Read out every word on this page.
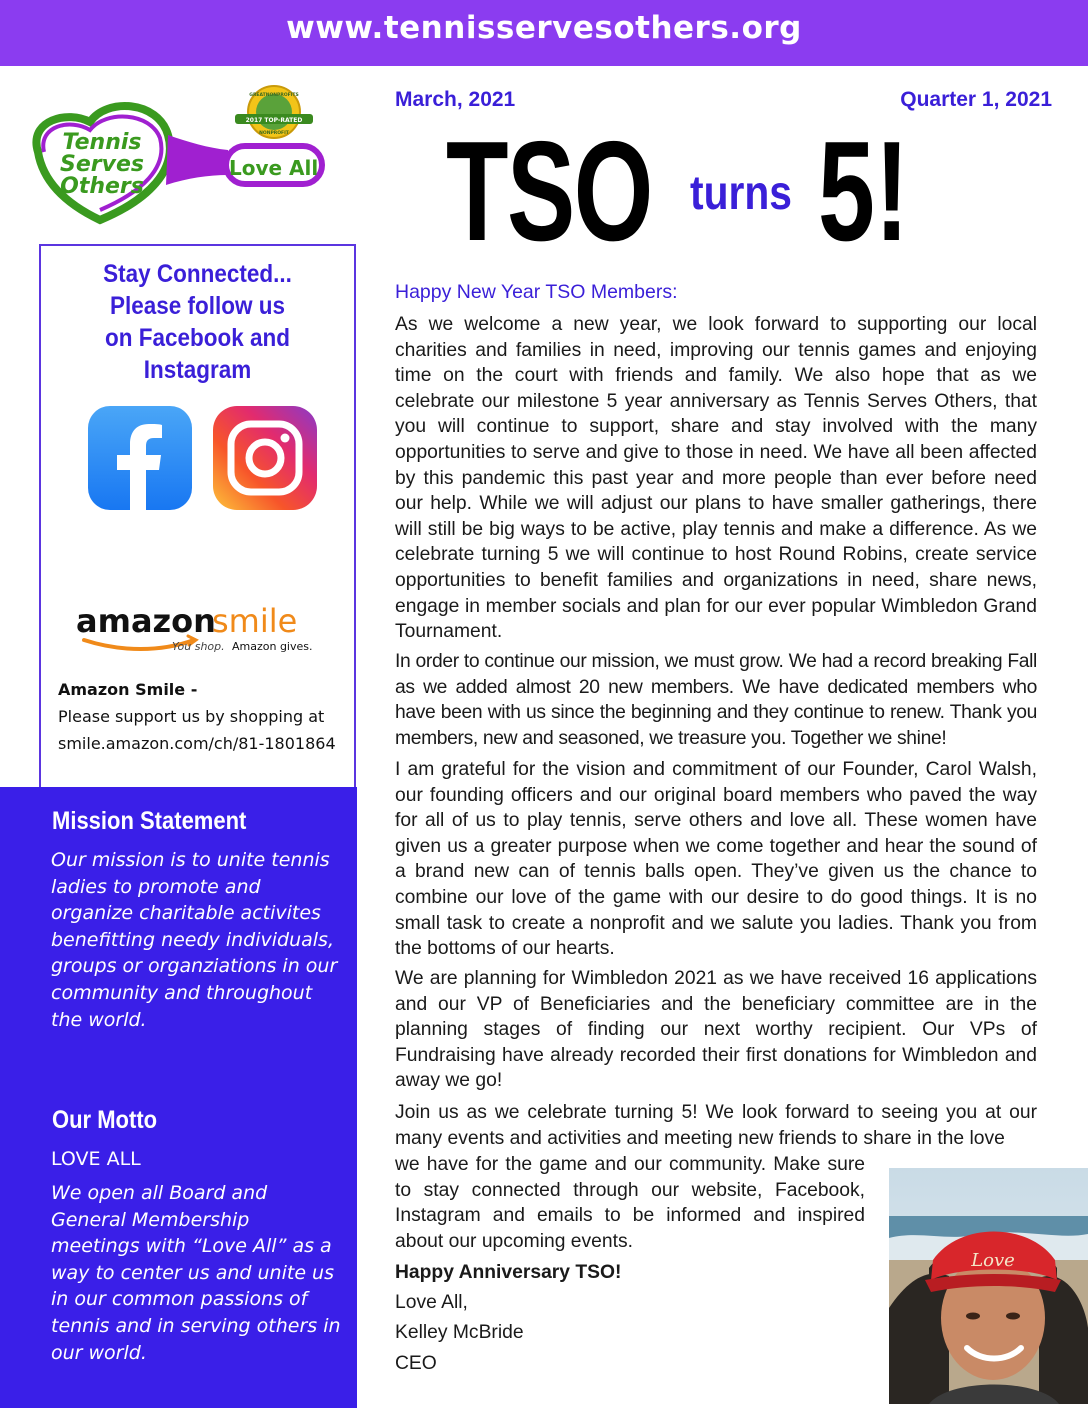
www.tennisservesothers.org
Tennis
Serves
Others
Love All
2017 TOP-RATED
GREATNONPROFITS
NONPROFIT
Stay Connected...
Please follow us
on Facebook and
Instagram
amazon
smile
You shop. Amazon gives.
Amazon Smile -
Please support us by shopping at
smile.amazon.com/ch/81-1801864
Mission Statement
Our mission is to unite tennis ladies to promote and organize charitable activites benefitting needy individuals, groups or organziations in our community and throughout the world.
Our Motto
LOVE ALL
We open all Board and General Membership meetings with “Love All” as a way to center us and unite us in our common passions of tennis and in serving others in our world.
March, 2021	Quarter 1, 2021
TSO turns 5!
Happy New Year TSO Members:

As we welcome a new year, we look forward to supporting our local charities and families in need, improving our tennis games and enjoying time on the court with friends and family. We also hope that as we celebrate our milestone 5 year anniversary as Tennis Serves Others, that you will continue to support, share and stay involved with the many opportunities to serve and give to those in need. We have all been affected by this pandemic this past year and more people than ever before need our help. While we will adjust our plans to have smaller gatherings, there will still be big ways to be active, play tennis and make a difference. As we celebrate turning 5 we will continue to host Round Robins, create service opportunities to benefit families and organizations in need, share news, engage in member socials and plan for our ever popular Wimbledon Grand Tournament.

In order to continue our mission, we must grow. We had a record breaking Fall as we added almost 20 new members. We have dedicated members who have been with us since the beginning and they continue to renew. Thank you members, new and seasoned, we treasure you. Together we shine!

I am grateful for the vision and commitment of our Founder, Carol Walsh, our founding officers and our original board members who paved the way for all of us to play tennis, serve others and love all. These women have given us a greater purpose when we come together and hear the sound of a brand new can of tennis balls open. They’ve given us the chance to combine our love of the game with our desire to do good things. It is no small task to create a nonprofit and we salute you ladies. Thank you from the bottoms of our hearts.

We are planning for Wimbledon 2021 as we have received 16 applications and our VP of Beneficiaries and the beneficiary committee are in the planning stages of finding our next worthy recipient. Our VPs of Fundraising have already recorded their first donations for Wimbledon and away we go!

Join us as we celebrate turning 5! We look forward to seeing you at our many events and activities and meeting new friends to share in the love

we have for the game and our community. Make sure to stay connected through our website, Facebook, Instagram and emails to be informed and inspired about our upcoming events.

Happy Anniversary TSO!
Love All,
Kelley McBride
CEO
Love
